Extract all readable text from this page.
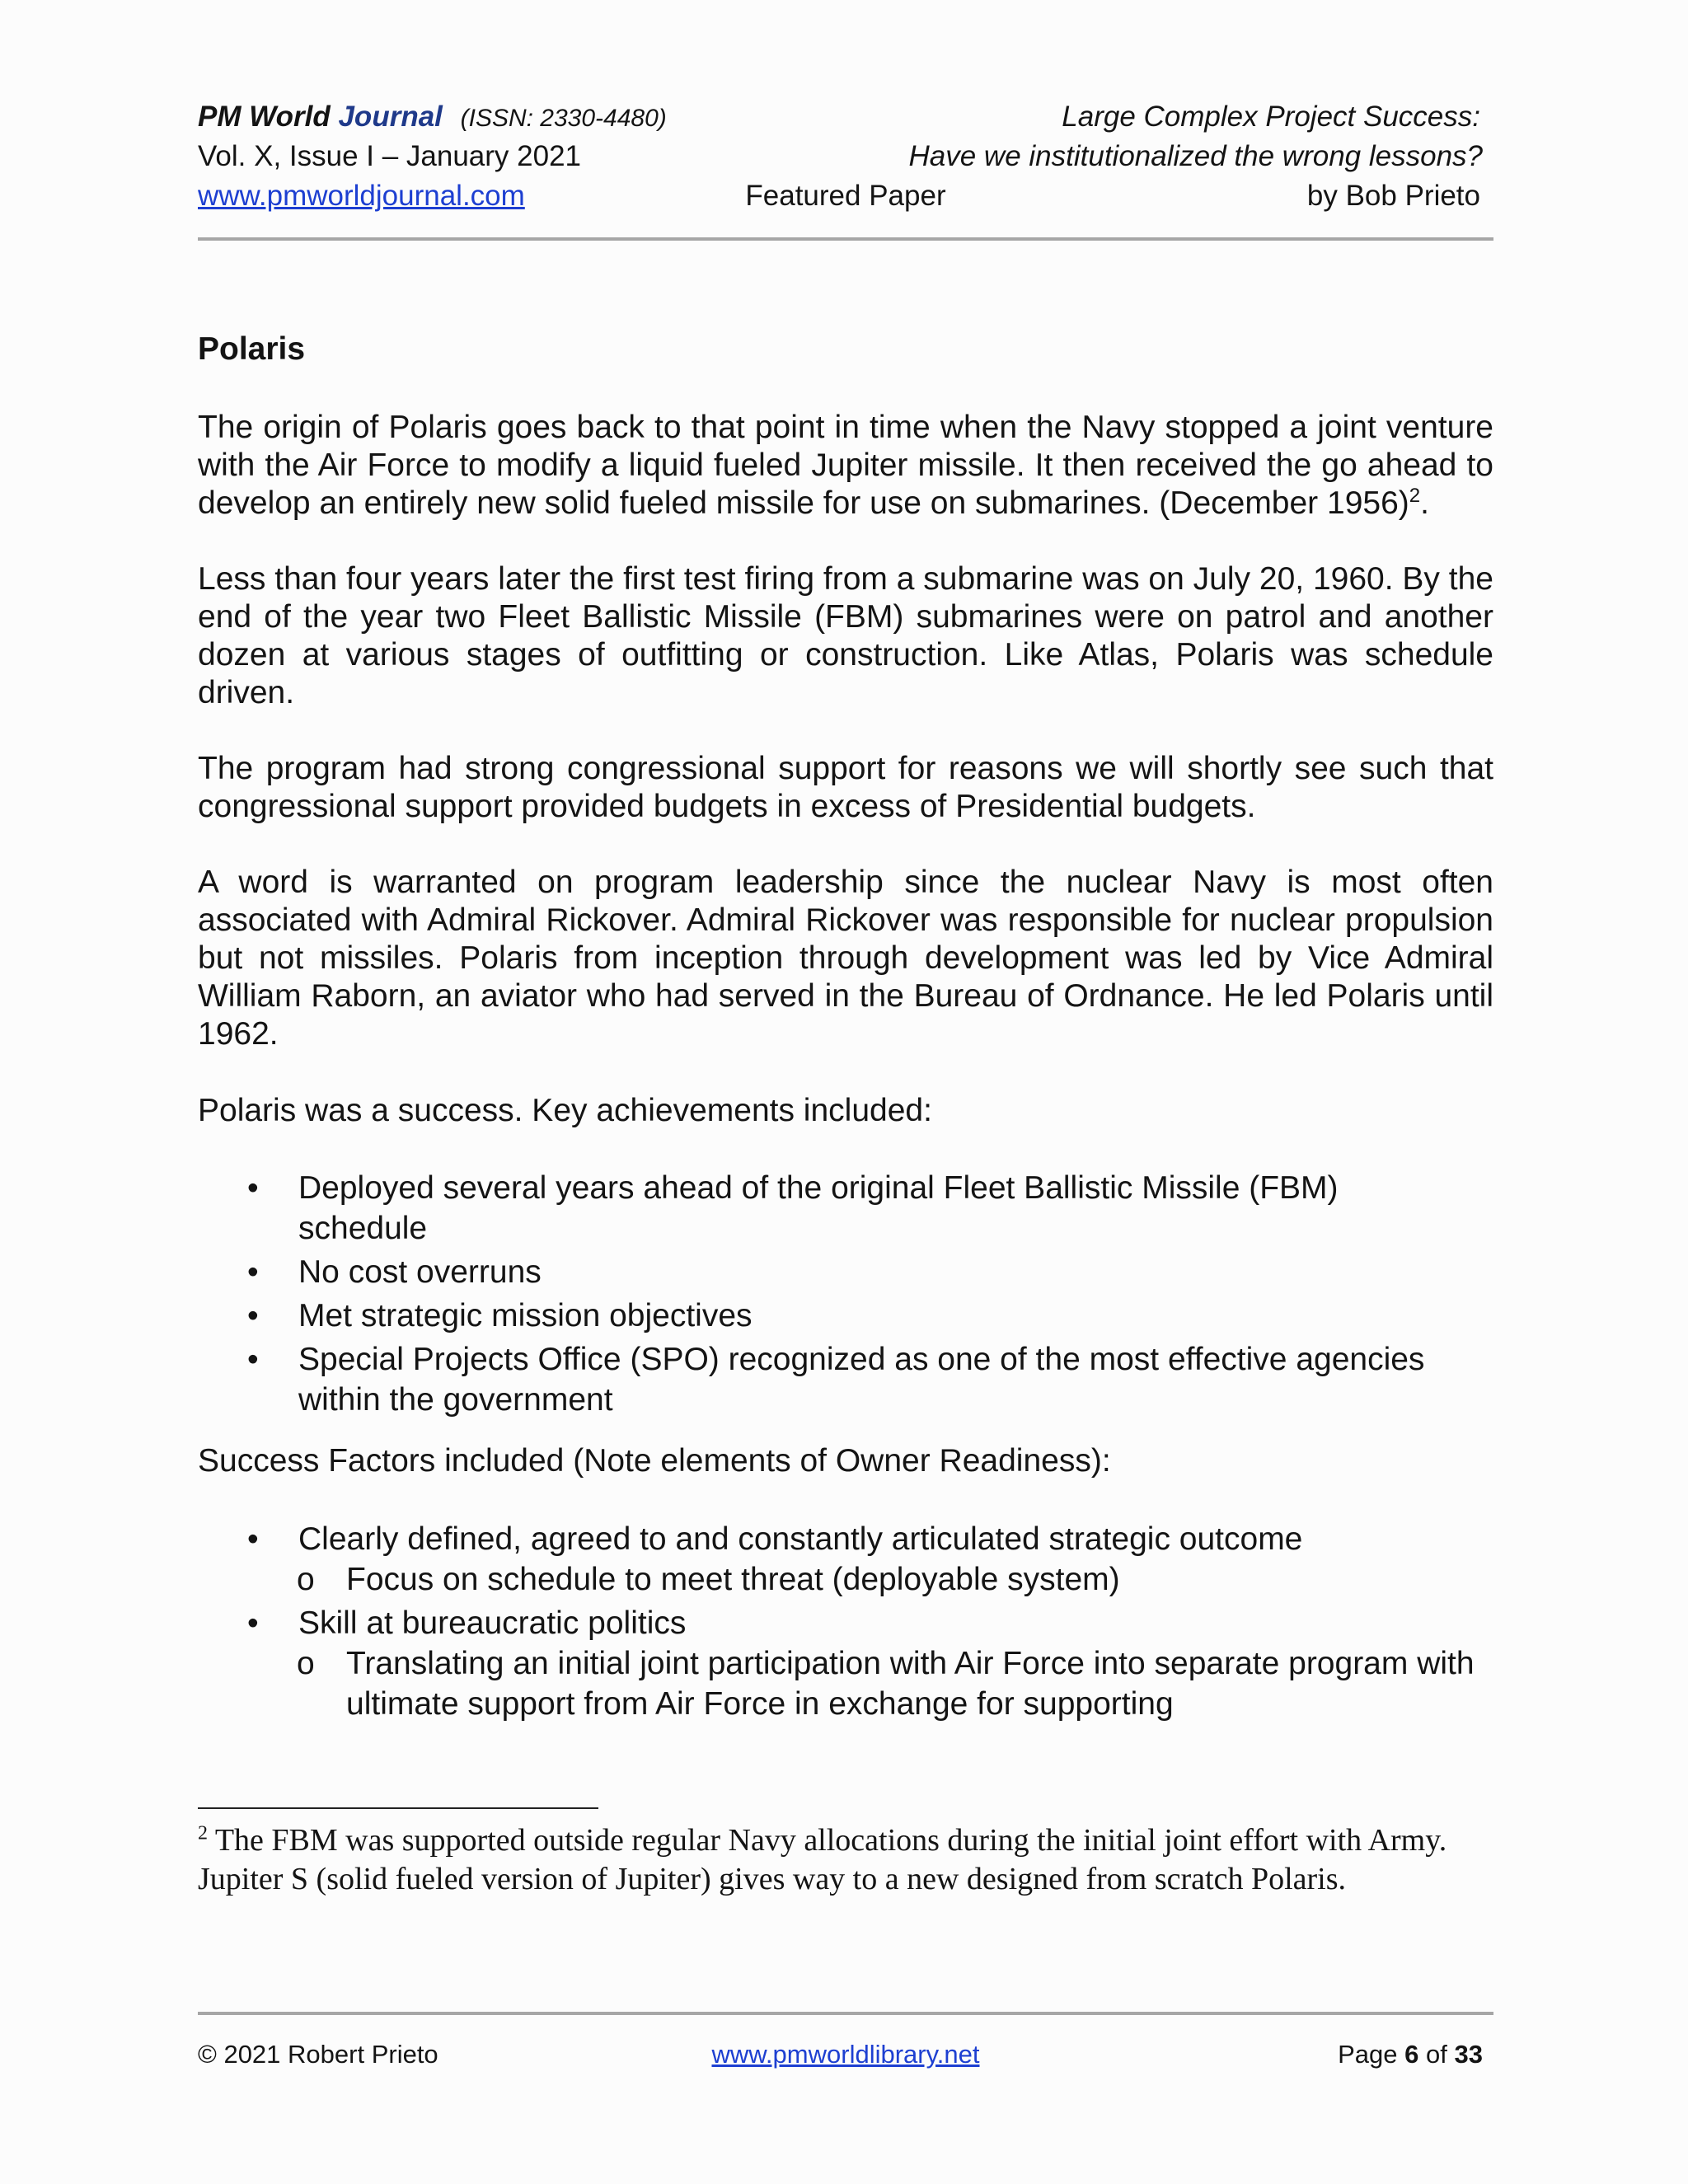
PM World Journal (ISSN: 2330-4480)	Large Complex Project Success:
Vol. X, Issue I – January 2021	Have we institutionalized the wrong lessons?
www.pmworldjournal.com	Featured Paper	by Bob Prieto
Polaris

The origin of Polaris goes back to that point in time when the Navy stopped a joint venture with the Air Force to modify a liquid fueled Jupiter missile. It then received the go ahead to develop an entirely new solid fueled missile for use on submarines. (December 1956)$^2$.

Less than four years later the first test firing from a submarine was on July 20, 1960. By the end of the year two Fleet Ballistic Missile (FBM) submarines were on patrol and another dozen at various stages of outfitting or construction. Like Atlas, Polaris was schedule driven.

The program had strong congressional support for reasons we will shortly see such that congressional support provided budgets in excess of Presidential budgets.

A word is warranted on program leadership since the nuclear Navy is most often associated with Admiral Rickover. Admiral Rickover was responsible for nuclear propulsion but not missiles. Polaris from inception through development was led by Vice Admiral William Raborn, an aviator who had served in the Bureau of Ordnance. He led Polaris until 1962.

Polaris was a success. Key achievements included:

• Deployed several years ahead of the original Fleet Ballistic Missile (FBM) schedule
• No cost overruns
• Met strategic mission objectives
• Special Projects Office (SPO) recognized as one of the most effective agencies within the government

Success Factors included (Note elements of Owner Readiness):

• Clearly defined, agreed to and constantly articulated strategic outcome
o Focus on schedule to meet threat (deployable system)
• Skill at bureaucratic politics
o Translating an initial joint participation with Air Force into separate program with ultimate support from Air Force in exchange for supporting
$^2$ The FBM was supported outside regular Navy allocations during the initial joint effort with Army. Jupiter S (solid fueled version of Jupiter) gives way to a new designed from scratch Polaris.
© 2021 Robert Prieto	www.pmworldlibrary.net	Page 6 of 33
